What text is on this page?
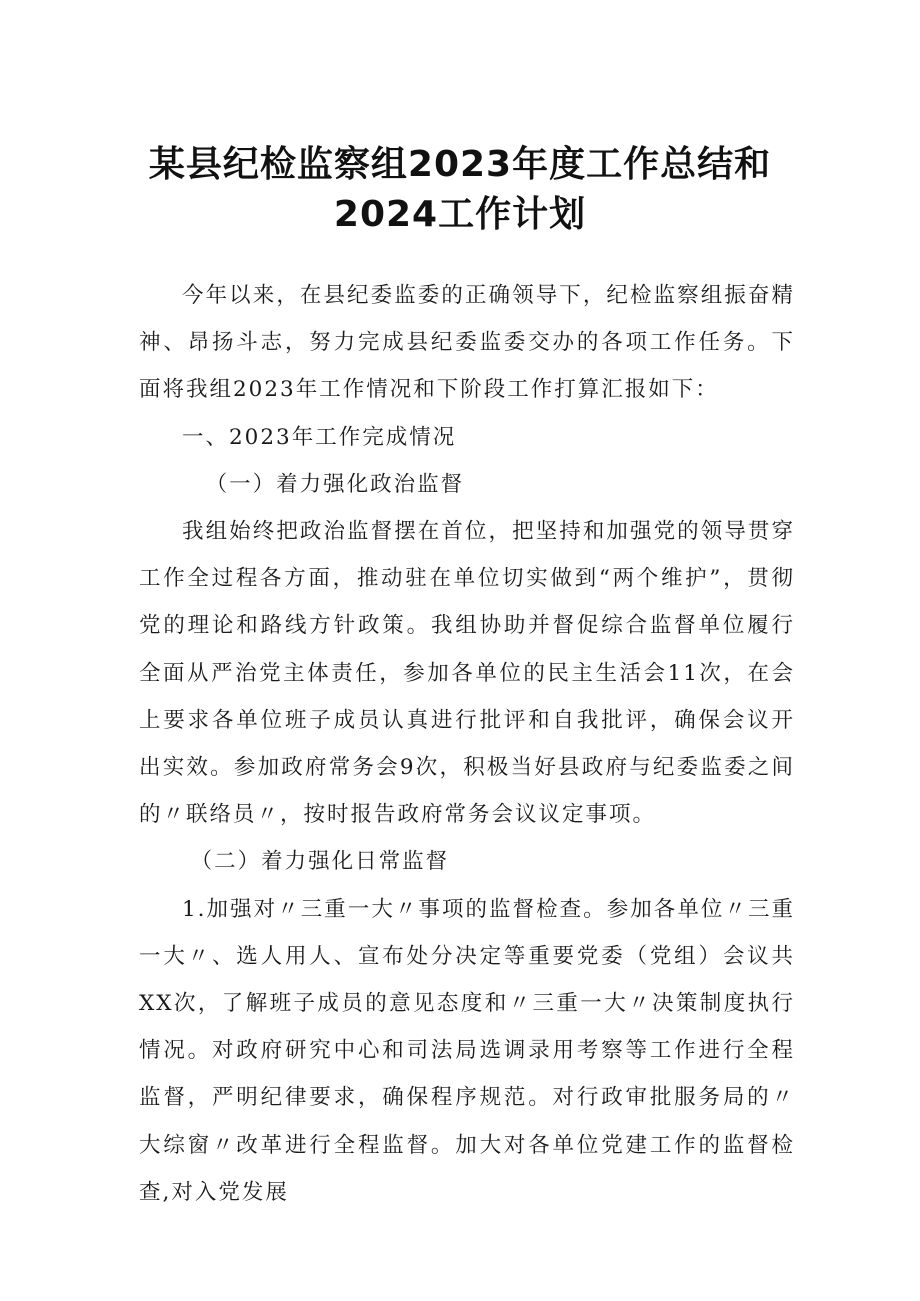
某县纪检监察组2023年度工作总结和
2024工作计划

今年以来，在县纪委监委的正确领导下，纪检监察组振奋精神、昂扬斗志，努力完成县纪委监委交办的各项工作任务。下面将我组2023年工作情况和下阶段工作打算汇报如下：

一、2023年工作完成情况

（一）着力强化政治监督

我组始终把政治监督摆在首位，把坚持和加强党的领导贯穿工作全过程各方面，推动驻在单位切实做到“两个维护”，贯彻党的理论和路线方针政策。我组协助并督促综合监督单位履行全面从严治党主体责任，参加各单位的民主生活会11次，在会上要求各单位班子成员认真进行批评和自我批评，确保会议开出实效。参加政府常务会9次，积极当好县政府与纪委监委之间的〃联络员〃，按时报告政府常务会议议定事项。

（二）着力强化日常监督

1.加强对〃三重一大〃事项的监督检查。参加各单位〃三重一大〃、选人用人、宣布处分决定等重要党委（党组）会议共XX次，了解班子成员的意见态度和〃三重一大〃决策制度执行情况。对政府研究中心和司法局选调录用考察等工作进行全程监督，严明纪律要求，确保程序规范。对行政审批服务局的〃大综窗〃改革进行全程监督。加大对各单位党建工作的监督检查,对入党发展
